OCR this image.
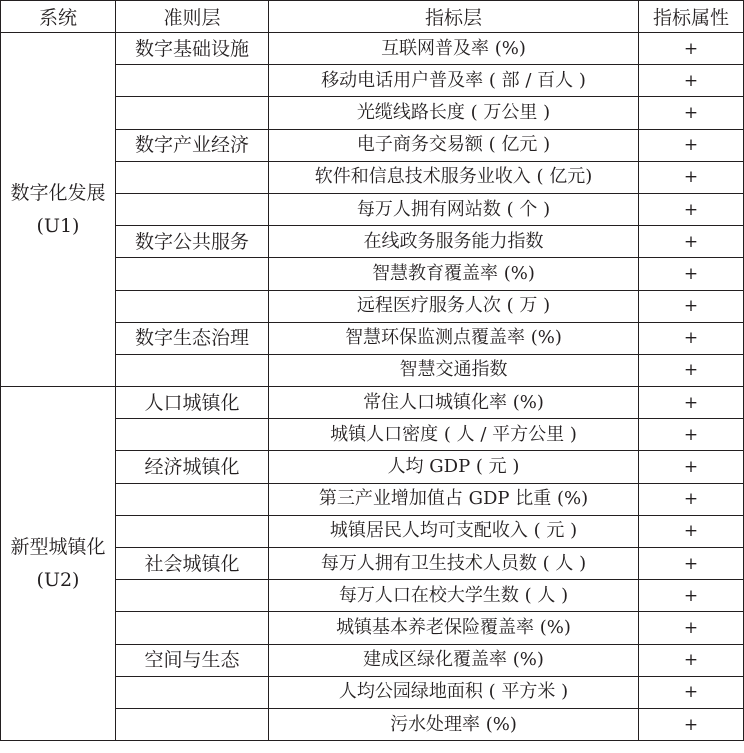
系统	准则层	指标层	指标属性
数字化发展 (U1)	数字基础设施	互联网普及率 (%)	+
		移动电话用户普及率 ( 部 / 百人 )	+
		光缆线路长度 ( 万公里 )	+
	数字产业经济	电子商务交易额 ( 亿元 )	+
		软件和信息技术服务业收入 ( 亿元)	+
		每万人拥有网站数 ( 个 )	+
	数字公共服务	在线政务服务能力指数	+
		智慧教育覆盖率 (%)	+
		远程医疗服务人次 ( 万 )	+
	数字生态治理	智慧环保监测点覆盖率 (%)	+
		智慧交通指数	+
新型城镇化 (U2)	人口城镇化	常住人口城镇化率 (%)	+
		城镇人口密度 ( 人 / 平方公里 )	+
	经济城镇化	人均 GDP ( 元 )	+
		第三产业增加值占 GDP 比重 (%)	+
		城镇居民人均可支配收入 ( 元 )	+
	社会城镇化	每万人拥有卫生技术人员数 ( 人 )	+
		每万人口在校大学生数 ( 人 )	+
		城镇基本养老保险覆盖率 (%)	+
	空间与生态	建成区绿化覆盖率 (%)	+
		人均公园绿地面积 ( 平方米 )	+
		污水处理率 (%)	+
